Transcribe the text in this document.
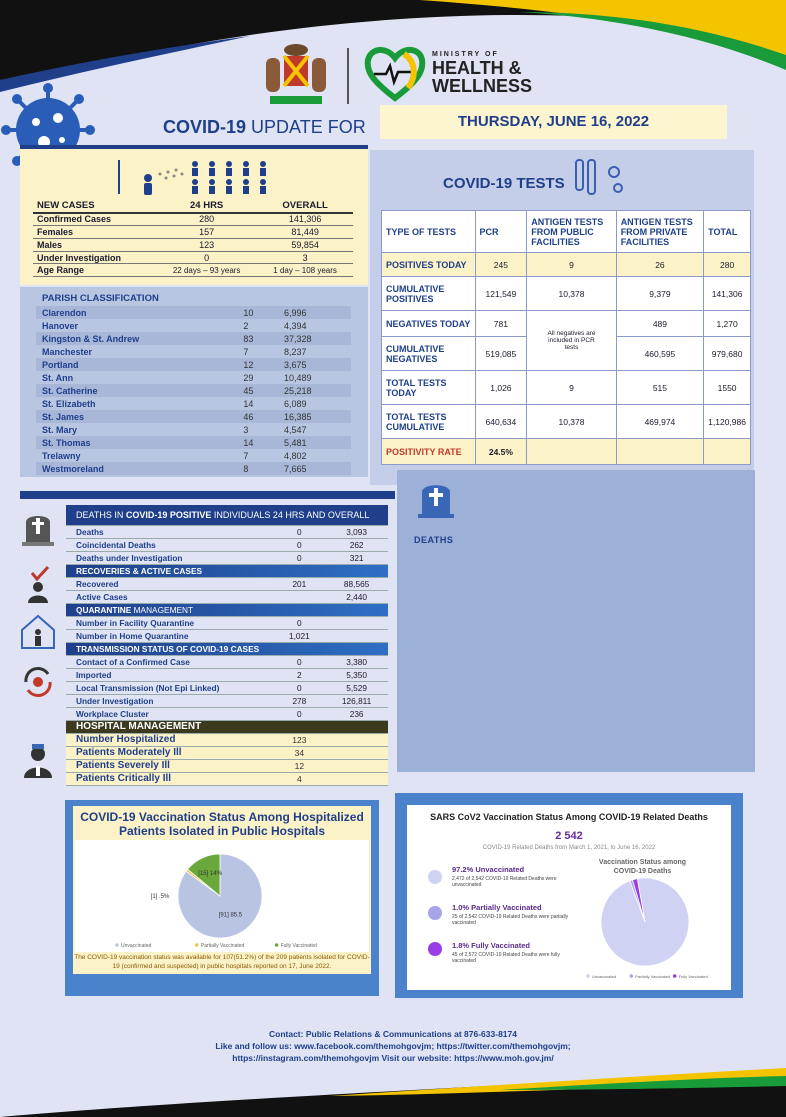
MINISTRY OF
HEALTH &
WELLNESS
COVID-19 UPDATE FOR	THURSDAY, JUNE 16, 2022
NEW CASES	24 HRS	OVERALL
Confirmed Cases	280	141,306
Females	157	81,449
Males	123	59,854
Under Investigation	0	3
Age Range	22 days – 93 years	1 day – 108 years
PARISH CLASSIFICATION		
Clarendon	10	6,996
Hanover	2	4,394
Kingston & St. Andrew	83	37,328
Manchester	7	8,237
Portland	12	3,675
St. Ann	29	10,489
St. Catherine	45	25,218
St. Elizabeth	14	6,089
St. James	46	16,385
St. Mary	3	4,547
St. Thomas	14	5,481
Trelawny	7	4,802
Westmoreland	8	7,665
COVID-19 TESTS
TYPE OF TESTS	PCR	ANTIGEN TESTS FROM PUBLIC FACILITIES	ANTIGEN TESTS FROM PRIVATE FACILITIES	TOTAL
POSITIVES TODAY	245	9	26	280
CUMULATIVE POSITIVES	121,549	10,378	9,379	141,306
NEGATIVES TODAY	781	All negatives are included in PCR tests	489	1,270
CUMULATIVE NEGATIVES	519,085		460,595	979,680
TOTAL TESTS TODAY	1,026	9	515	1550
TOTAL TESTS CUMULATIVE	640,634	10,378	469,974	1,120,986
POSITIVITY RATE	24.5%			
DEATHS
DEATHS IN COVID-19 POSITIVE INDIVIDUALS 24 HRS AND OVERALL		
Deaths	0	3,093
Coincidental Deaths	0	262
Deaths under Investigation	0	321
RECOVERIES & ACTIVE CASES		
Recovered	201	88,565
Active Cases		2,440
QUARANTINE MANAGEMENT		
Number in Facility Quarantine	0	
Number in Home Quarantine	1,021	
TRANSMISSION STATUS OF COVID-19 CASES		
Contact of a Confirmed Case	0	3,380
Imported	2	5,350
Local Transmission (Not Epi Linked)	0	5,529
Under Investigation	278	126,811
Workplace Cluster	0	236
HOSPITAL MANAGEMENT		
Number Hospitalized	123	
Patients Moderately Ill	34	
Patients Severely Ill	12	
Patients Critically Ill	4	
COVID-19 Vaccination Status Among Hospitalized Patients Isolated in Public Hospitals
[91] 85.5
[1] .5%
[15] 14%
Unvaccinated	Partially Vaccinated	Fully Vaccinated
The COVID-19 vaccination status was available for 107(51.2%) of the 209 patients isolated for COVID-19 (confirmed and suspected) in public hospitals reported on 17, June 2022.
SARS CoV2 Vaccination Status Among COVID-19 Related Deaths
2 542
COVID-19 Related Deaths from March 1, 2021, to June 16, 2022
97.2% Unvaccinated
2,472 of 2,542 COVID-19 Related Deaths were unvaccinated
1.0% Partially Vaccinated
25 of 2,542 COVID-19 Related Deaths were partially vaccinated
1.8% Fully Vaccinated
45 of 2,572 COVID-19 Related Deaths were fully vaccinated
Vaccination Status among COVID-19 Deaths
Unvaccinated	Partially Vaccinated Fully Vaccinated
Contact: Public Relations & Communications at 876-633-8174
Like and follow us: www.facebook.com/themohgovjm; https://twitter.com/themohgovjm;
https://instagram.com/themohgovjm Visit our website: https://www.moh.gov.jm/
